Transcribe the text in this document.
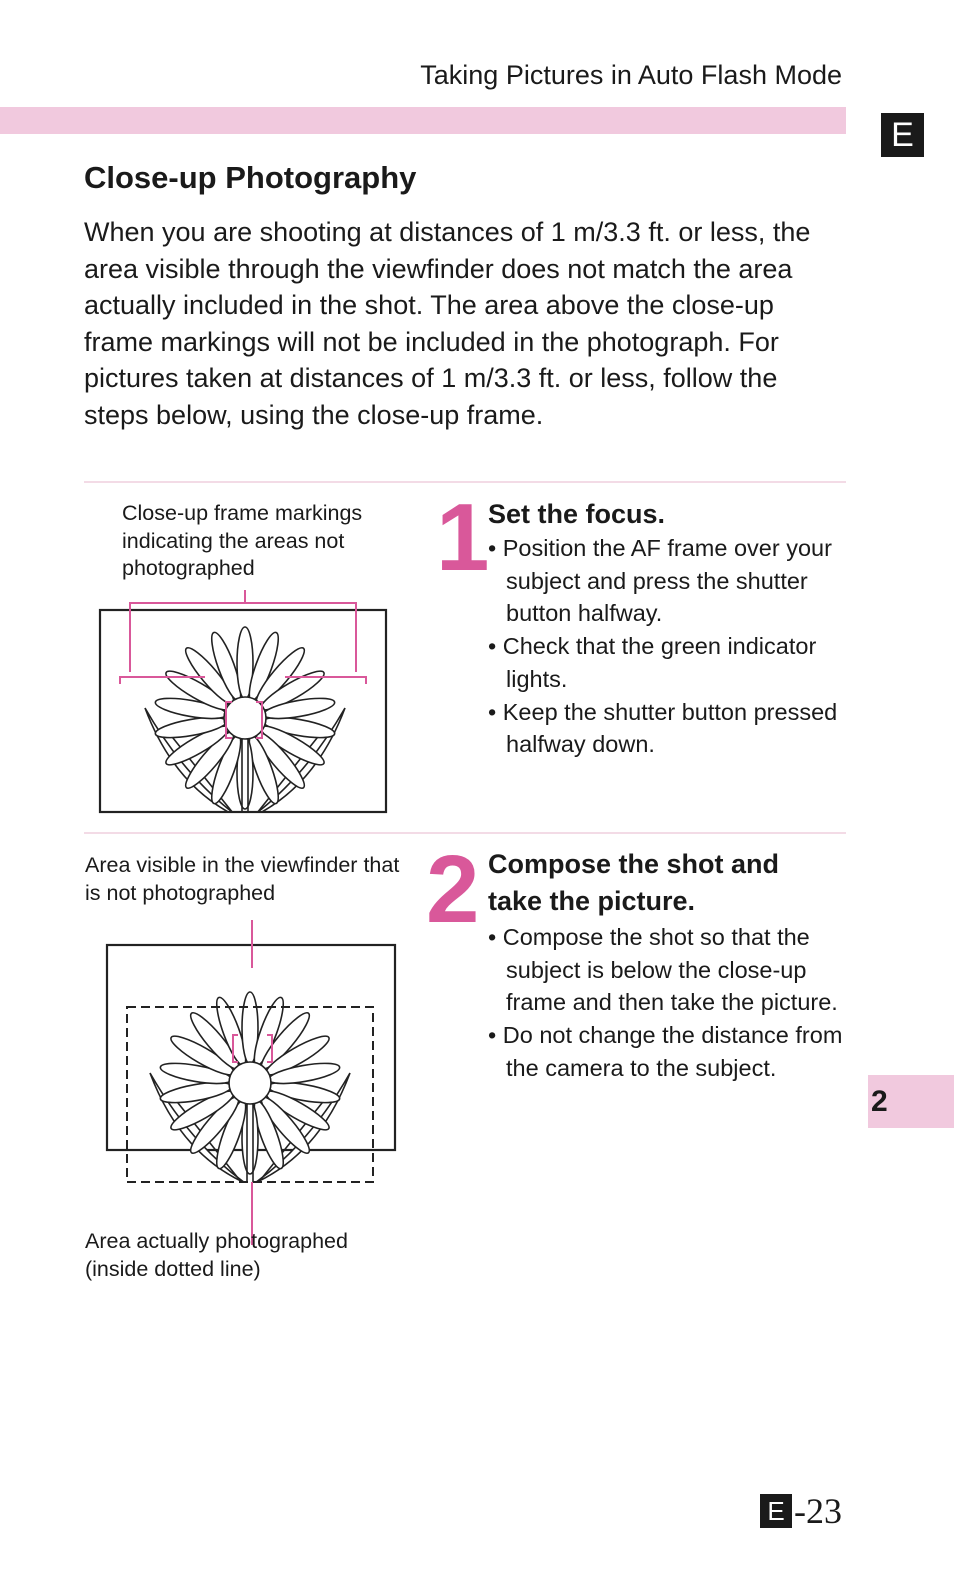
Taking Pictures in Auto Flash Mode
E
Close-up Photography
When you are shooting at distances of 1 m/3.3 ft. or less, the area visible through the viewfinder does not match the area actually included in the shot. The area above the close-up frame markings will not be included in the photograph. For pictures taken at distances of 1 m/3.3 ft. or less, follow the steps below, using the close-up frame.
Close-up frame markings indicating the areas not photographed	1
Set the focus.

• Position the AF frame over your subject and press the shutter button halfway.

• Check that the green indicator lights.

• Keep the shutter button pressed halfway down.

Area visible in the viewfinder that is not photographed	2 Compose the shot and take the picture.

• Compose the shot so that the subject is below the close-up frame and then take the picture.

• Do not change the distance from the camera to the subject.

Area actually photographed (inside dotted line)
2
E -23
